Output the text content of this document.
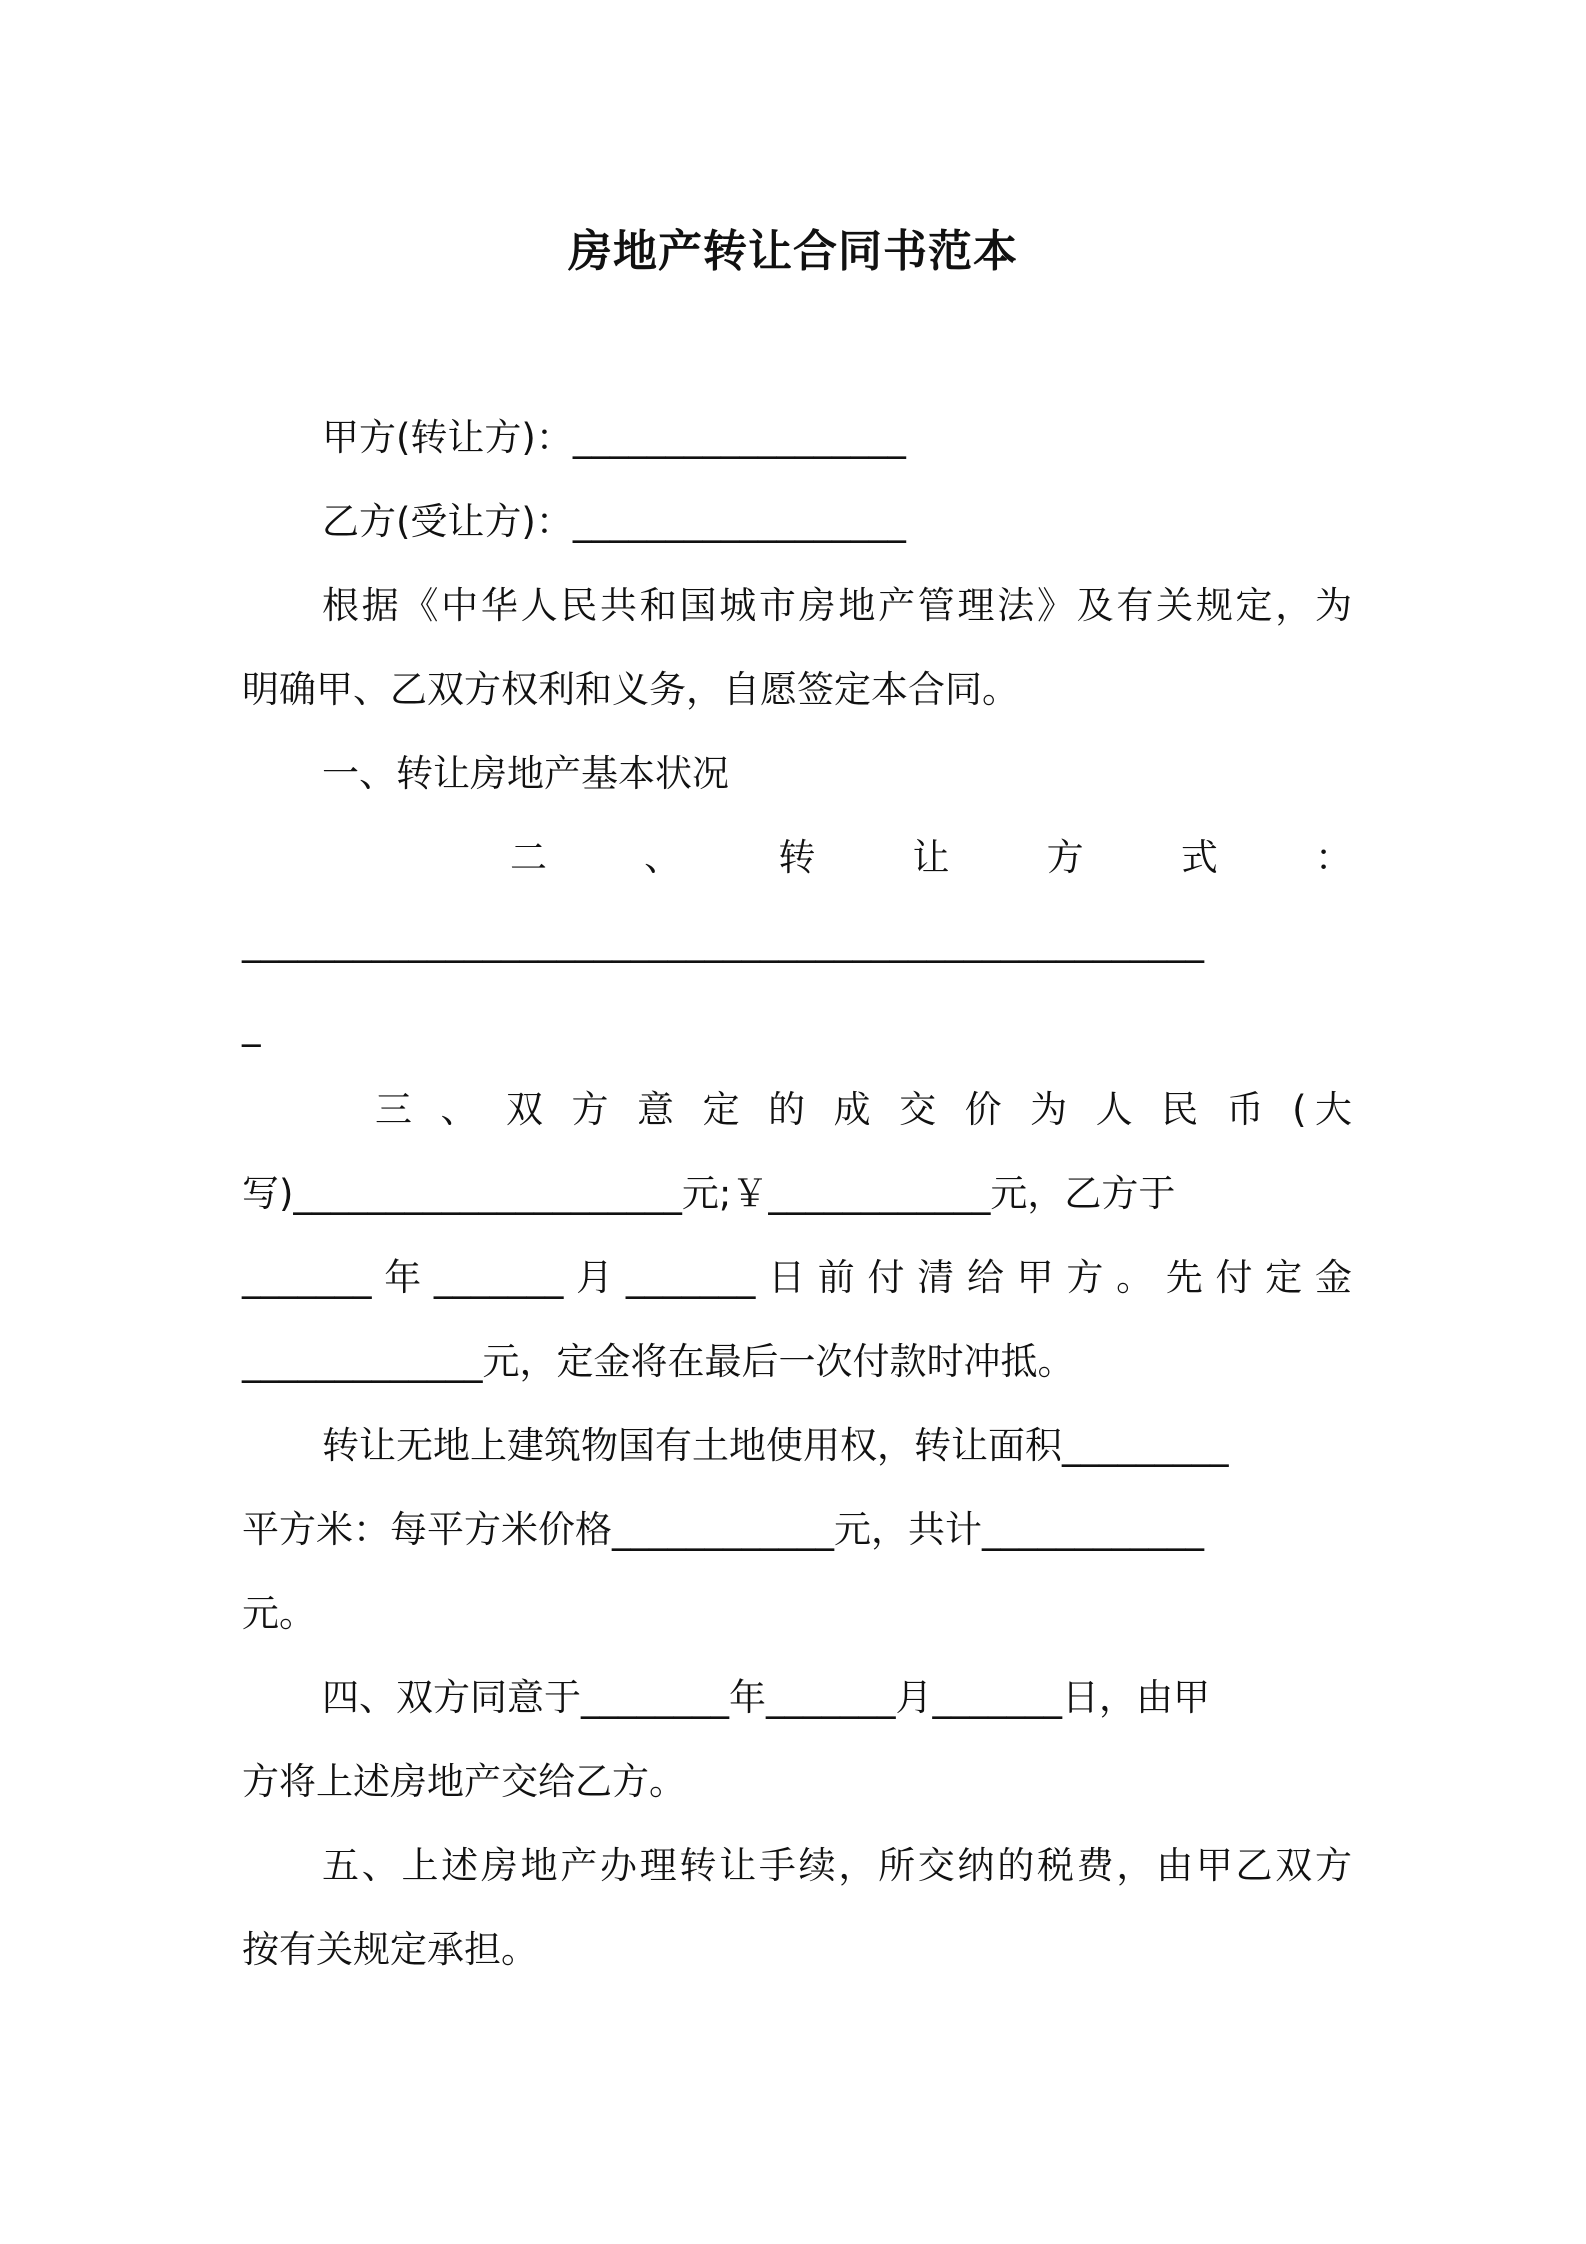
房地产转让合同书范本
甲方(转让方)：__________________
乙方(受让方)：__________________
根据《中华人民共和国城市房地产管理法》及有关规定，为
明确甲、乙双方权利和义务，自愿签定本合同。
一、转让房地产基本状况
二 、 转 让 方 式 ：
____________________________________________________
_
三 、 双 方 意 定 的 成 交 价 为 人 民 币 (大
写)_____________________元;￥____________元，乙方于
_______年_______月_______日前付清给甲方。先付定金
_____________元，定金将在最后一次付款时冲抵。
转让无地上建筑物国有土地使用权，转让面积_________
平方米：每平方米价格____________元，共计____________
元。
四、双方同意于________年_______月_______日，由甲
方将上述房地产交给乙方。
五、上述房地产办理转让手续，所交纳的税费，由甲乙双方
按有关规定承担。
